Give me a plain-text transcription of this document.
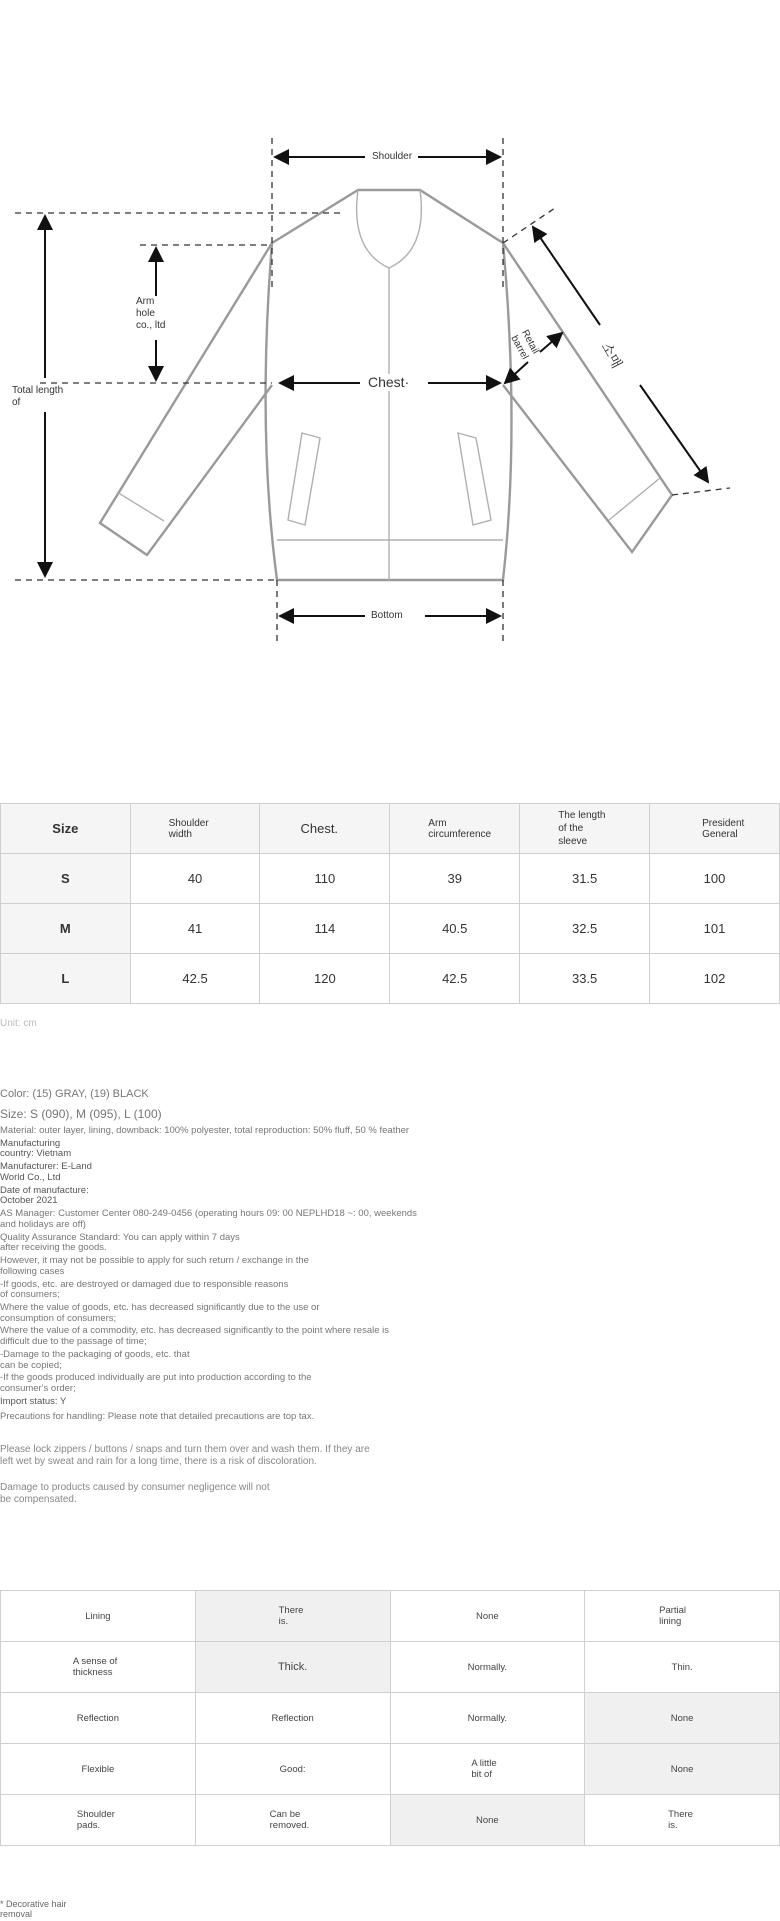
Shoulder
Chest·
Bottom
Total length of
Arm hole co., ltd
Retail barrel	소매
Size	Shoulder width	Chest.	Arm circumference	The length of the sleeve	President General

S	40	110	39	31.5	100
M	41	114	40.5	32.5	101
L	42.5	120	42.5	33.5	102
Unit: cm

Color: (15) GRAY, (19) BLACK

Size: S (090), M (095), L (100)

Material: outer layer, lining, downback: 100% polyester, total reproduction: 50% fluff, 50 % feather

Manufacturing country: Vietnam

Manufacturer: E-Land World Co., Ltd

Date of manufacture: October 2021

AS Manager: Customer Center 080-249-0456 (operating hours 09: 00 NEPLHD18 ~: 00, weekends and holidays are off)

Quality Assurance Standard: You can apply within 7 days after receiving the goods.

However, it may not be possible to apply for such return / exchange in the following cases

-If goods, etc. are destroyed or damaged due to responsible reasons of consumers;

Where the value of goods, etc. has decreased significantly due to the use or consumption of consumers;

Where the value of a commodity, etc. has decreased significantly to the point where resale is difficult due to the passage of time;

-Damage to the packaging of goods, etc. that can be copied;

-If the goods produced individually are put into production according to the consumer's order;

Import status: Y

Precautions for handling: Please note that detailed precautions are top tax.

Please lock zippers / buttons / snaps and turn them over and wash them. If they are left wet by sweat and rain for a long time, there is a risk of discoloration.

Damage to products caused by consumer negligence will not be compensated.

Lining	There is.	None	Partial lining
A sense of thickness	Thick.	Normally.	Thin.
Reflection	Reflection	Normally.	None
Flexible	Good:	A little bit of	None
Shoulder pads.	Can be removed.	None	There is.
* Decorative hair removal
